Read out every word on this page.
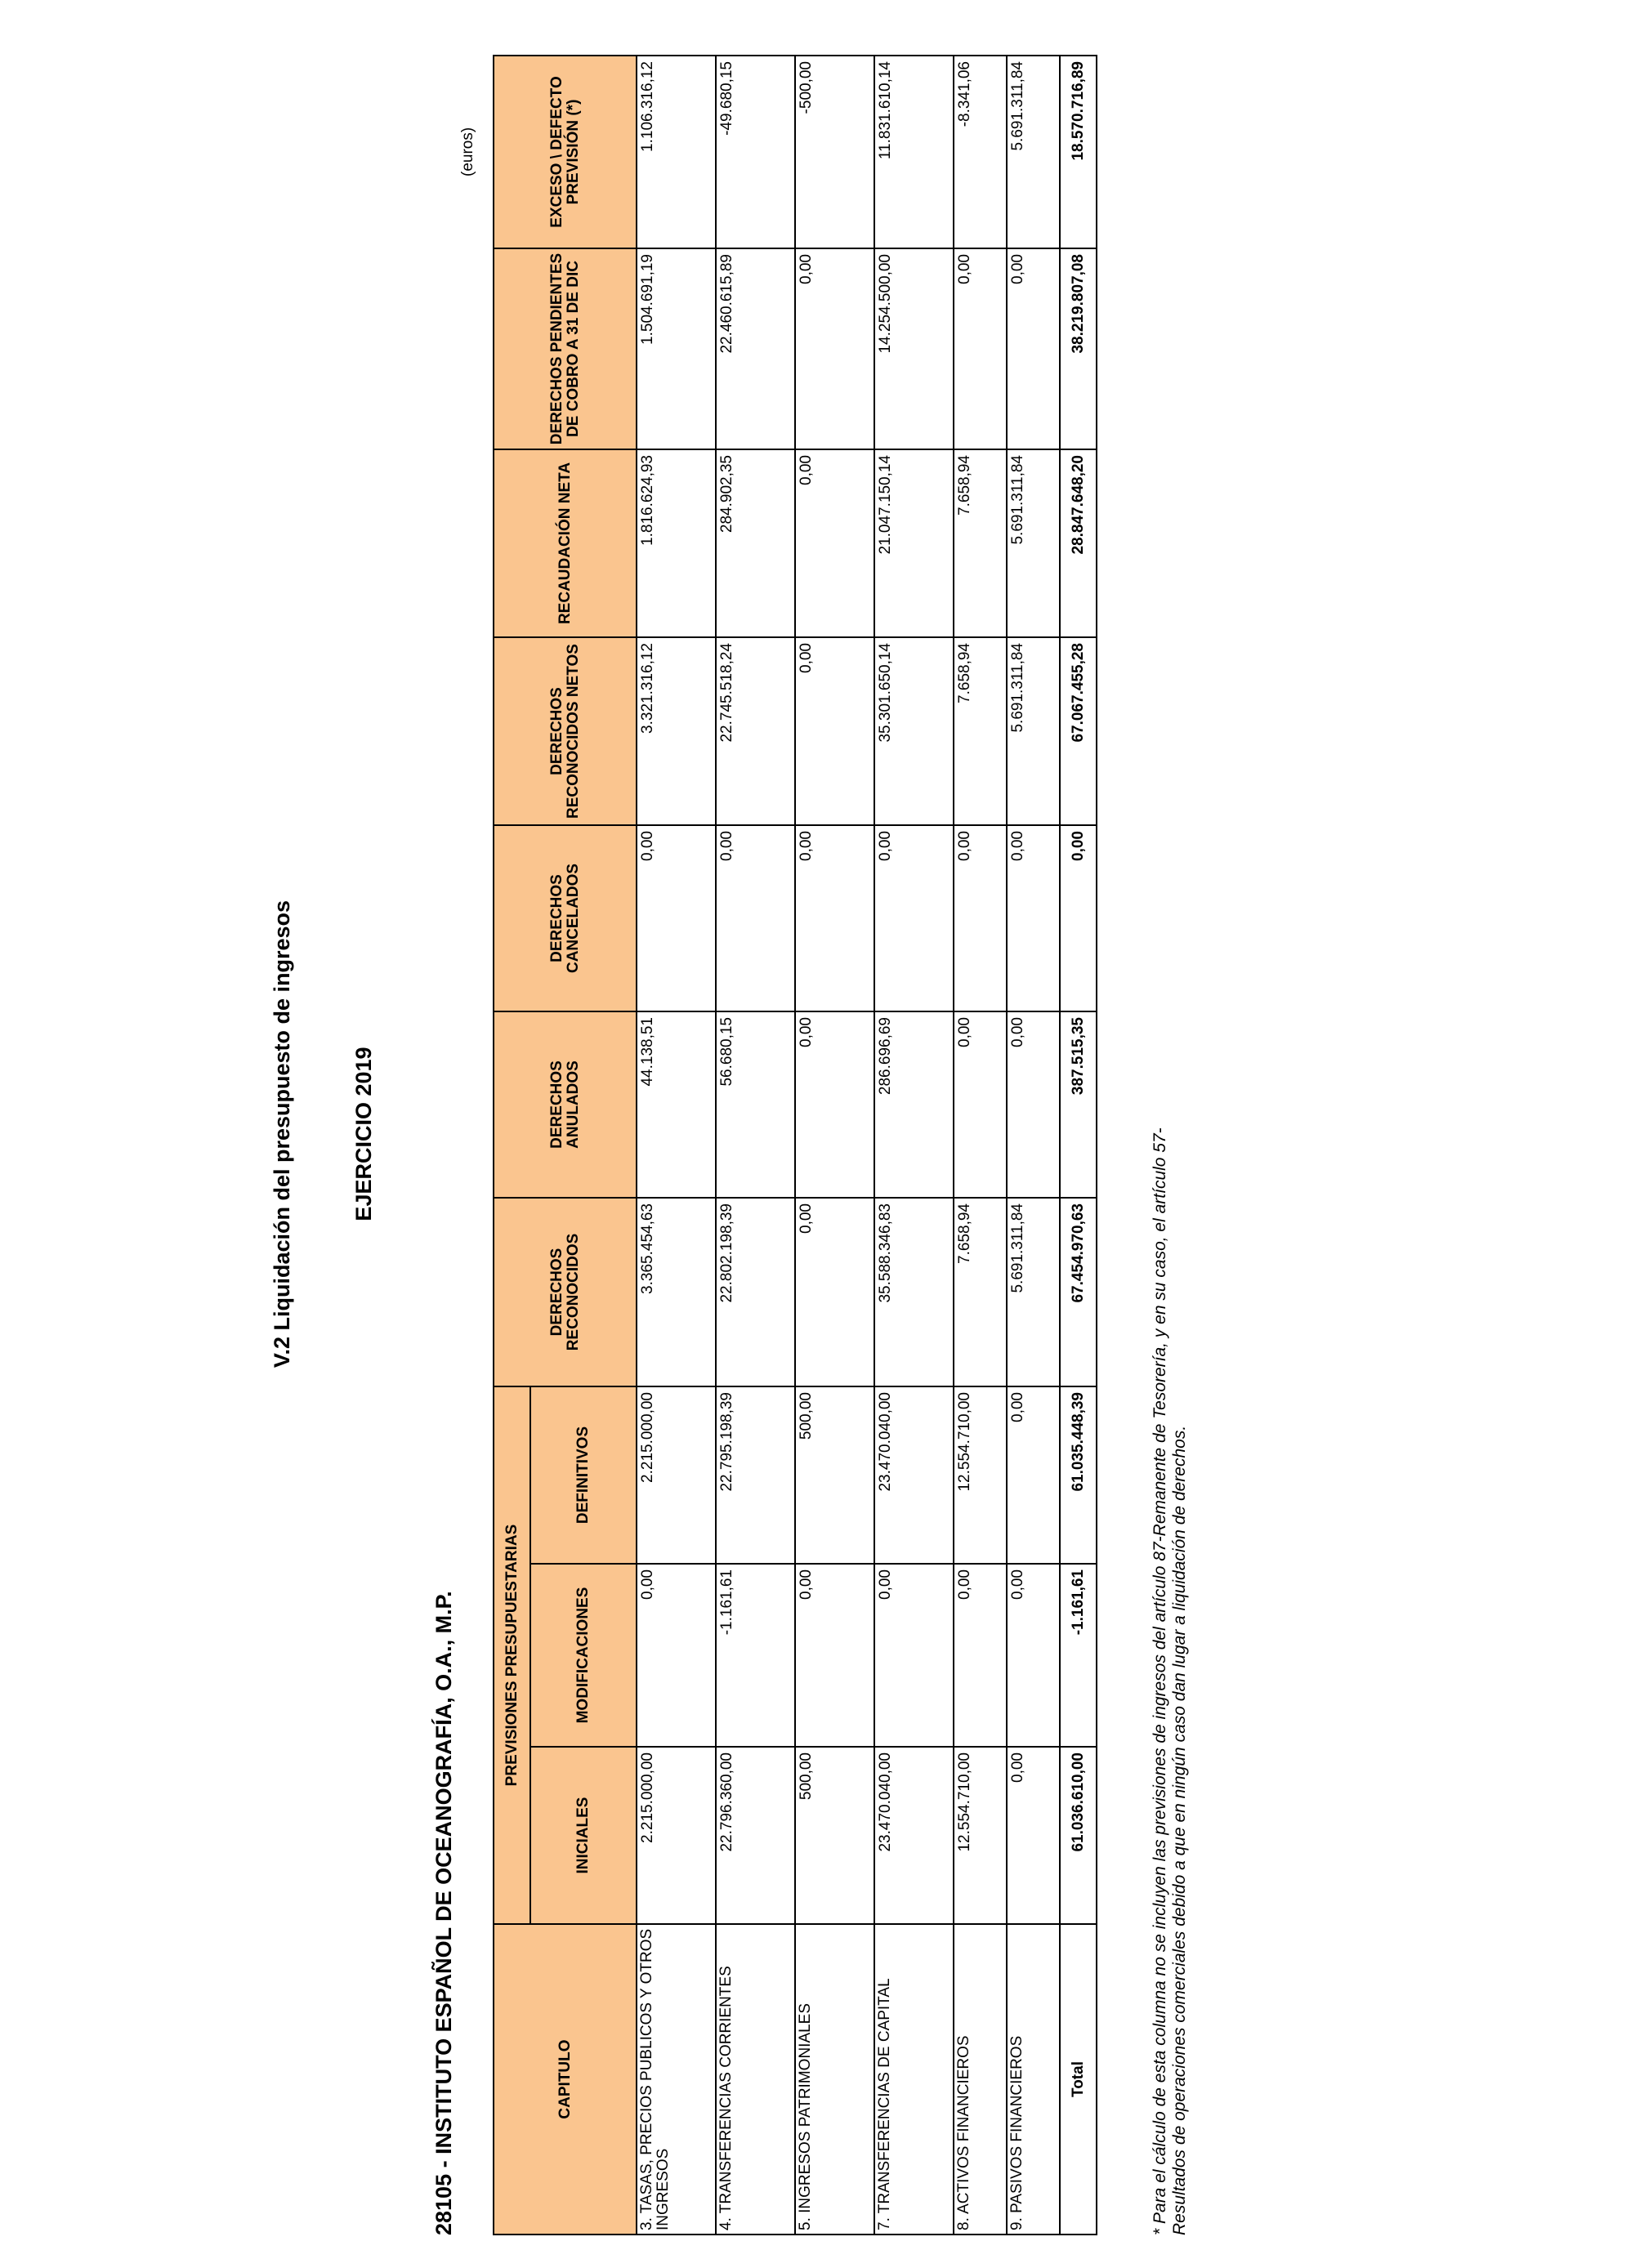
V.2 Liquidación del presupuesto de ingresos	EJERCICIO 2019
28105 - INSTITUTO ESPAÑOL DE OCEANOGRAFÍA, O.A., M.P.
(euros)
CAPITULO	PREVISIONES PRESUPUESTARIAS			DERECHOS RECONOCIDOS	DERECHOS ANULADOS	DERECHOS CANCELADOS	DERECHOS RECONOCIDOS NETOS	RECAUDACIÓN NETA	DERECHOS PENDIENTES DE COBRO A 31 DE DIC	EXCESO \ DEFECTO PREVISIÓN (*)
	INICIALES	MODIFICACIONES	DEFINITIVOS							
3. TASAS, PRECIOS PUBLICOS Y OTROS INGRESOS	2.215.000,00	0,00	2.215.000,00	3.365.454,63	44.138,51	0,00	3.321.316,12	1.816.624,93	1.504.691,19	1.106.316,12
4. TRANSFERENCIAS CORRIENTES	22.796.360,00	-1.161,61	22.795.198,39	22.802.198,39	56.680,15	0,00	22.745.518,24	284.902,35	22.460.615,89	-49.680,15
5. INGRESOS PATRIMONIALES	500,00	0,00	500,00	0,00	0,00	0,00	0,00	0,00	0,00	-500,00
7. TRANSFERENCIAS DE CAPITAL	23.470.040,00	0,00	23.470.040,00	35.588.346,83	286.696,69	0,00	35.301.650,14	21.047.150,14	14.254.500,00	11.831.610,14
8. ACTIVOS FINANCIEROS	12.554.710,00	0,00	12.554.710,00	7.658,94	0,00	0,00	7.658,94	7.658,94	0,00	-8.341,06
9. PASIVOS FINANCIEROS	0,00	0,00	0,00	5.691.311,84	0,00	0,00	5.691.311,84	5.691.311,84	0,00	5.691.311,84
Total	61.036.610,00	-1.161,61	61.035.448,39	67.454.970,63	387.515,35	0,00	67.067.455,28	28.847.648,20	38.219.807,08	18.570.716,89
* Para el cálculo de esta columna no se incluyen las previsiones de ingresos del artículo 87-Remanente de Tesorería, y en su caso, el artículo 57- Resultados de operaciones comerciales debido a que en ningún caso dan lugar a liquidación de derechos.
